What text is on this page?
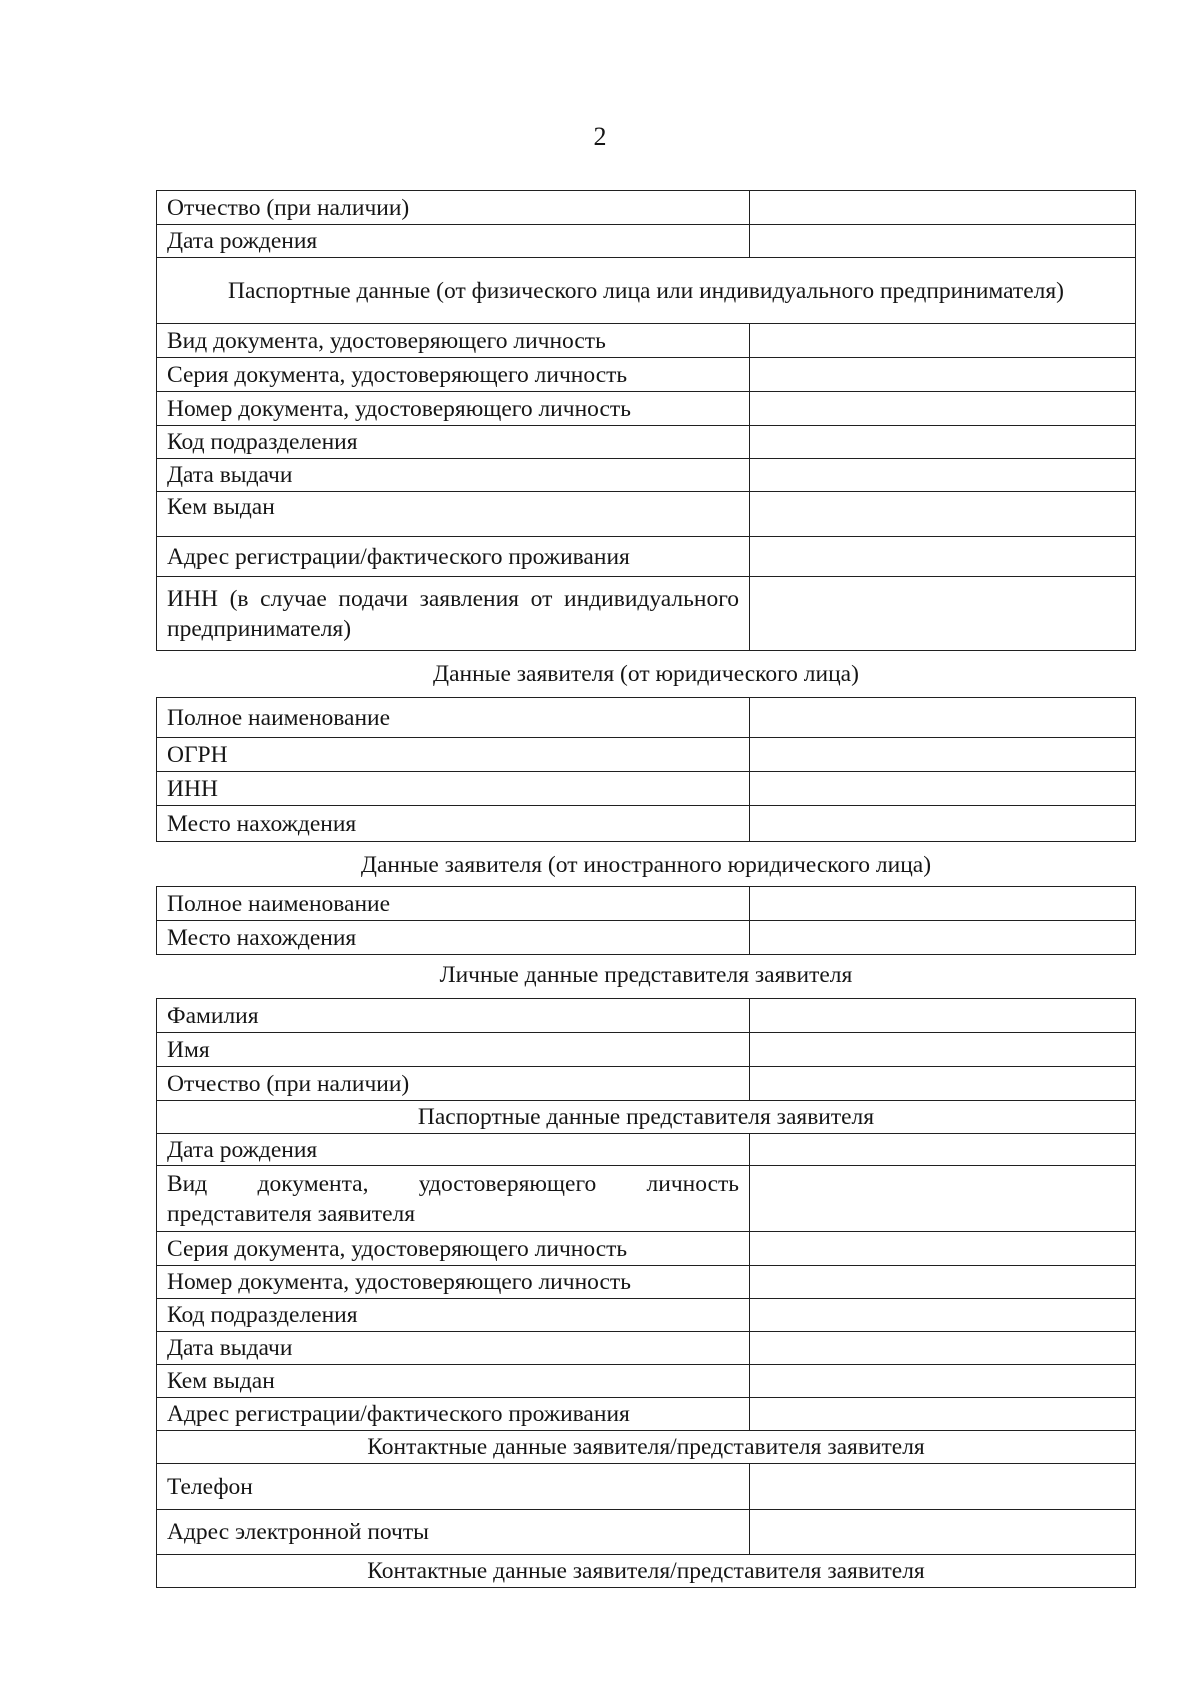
2
Отчество (при наличии)	
Дата рождения	
Паспортные данные (от физического лица или индивидуального предпринимателя)	
Вид документа, удостоверяющего личность	
Серия документа, удостоверяющего личность	
Номер документа, удостоверяющего личность	
Код подразделения	
Дата выдачи	
Кем выдан	
Адрес регистрации/фактического проживания	
ИНН (в случае подачи заявления от индивидуального предпринимателя)	
Данные заявителя (от юридического лица)
Полное наименование	
ОГРН	
ИНН	
Место нахождения	
Данные заявителя (от иностранного юридического лица)
Полное наименование	
Место нахождения	
Личные данные представителя заявителя
Фамилия	
Имя	
Отчество (при наличии)	
Паспортные данные представителя заявителя	
Дата рождения	
Вид документа, удостоверяющего личность представителя заявителя	
Серия документа, удостоверяющего личность	
Номер документа, удостоверяющего личность	
Код подразделения	
Дата выдачи	
Кем выдан	
Адрес регистрации/фактического проживания	
Контактные данные заявителя/представителя заявителя	
Телефон	
Адрес электронной почты	
Контактные данные заявителя/представителя заявителя	
